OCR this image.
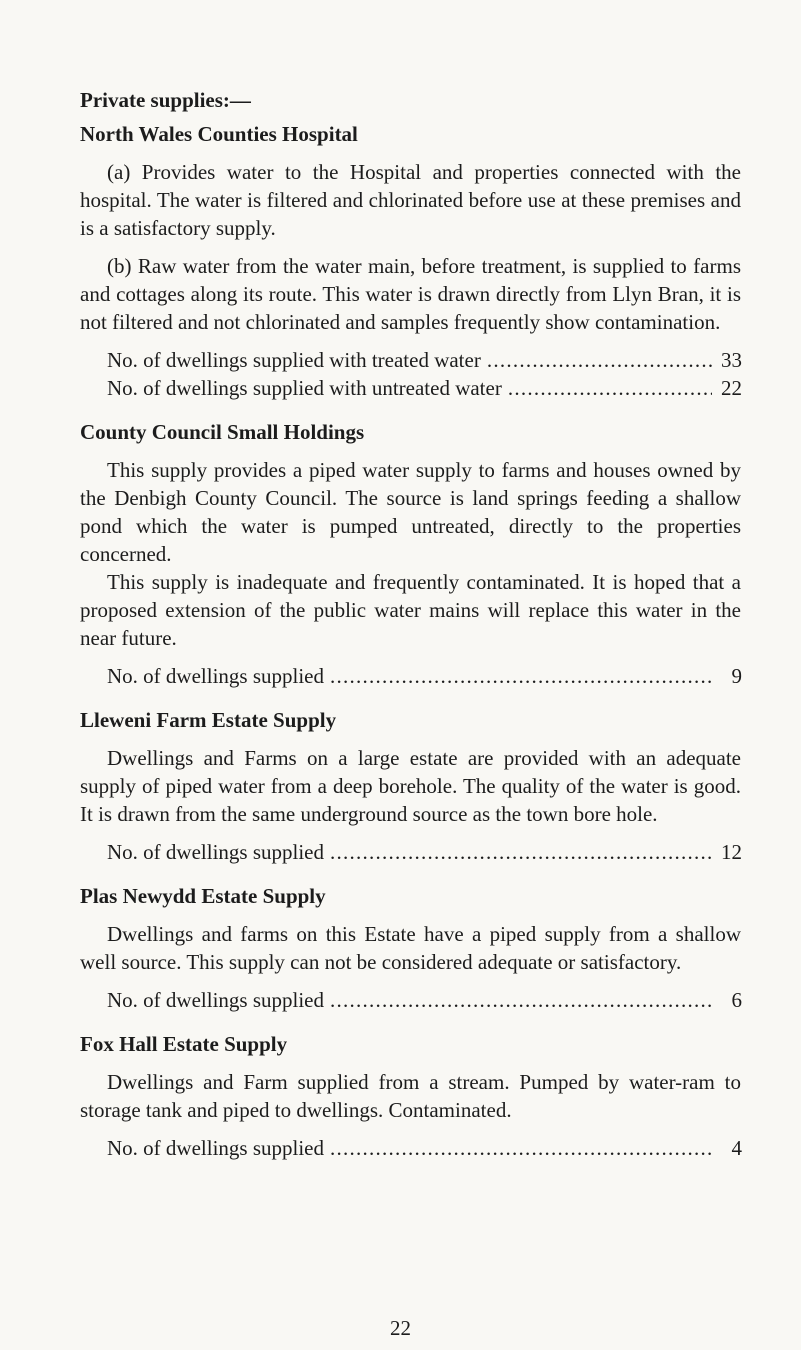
Private supplies:—
North Wales Counties Hospital

(a) Provides water to the Hospital and properties connected with the hospital. The water is filtered and chlorinated before use at these premises and is a satisfactory supply.

(b) Raw water from the water main, before treatment, is supplied to farms and cottages along its route. This water is drawn directly from Llyn Bran, it is not filtered and not chlorinated and samples frequently show contamination.

No. of dwellings supplied with treated water . . .	33
No. of dwellings supplied with untreated water . . .	22
County Council Small Holdings

This supply provides a piped water supply to farms and houses owned by the Denbigh County Council. The source is land springs feeding a shallow pond which the water is pumped untreated, directly to the properties concerned.

This supply is inadequate and frequently contaminated. It is hoped that a proposed extension of the public water mains will replace this water in the near future.

No. of dwellings supplied . . .	9
Lleweni Farm Estate Supply

Dwellings and Farms on a large estate are provided with an adequate supply of piped water from a deep borehole. The quality of the water is good. It is drawn from the same underground source as the town bore hole.

No. of dwellings supplied . . .	12
Plas Newydd Estate Supply

Dwellings and farms on this Estate have a piped supply from a shallow well source. This supply can not be considered adequate or satisfactory.

No. of dwellings supplied . . .	6
Fox Hall Estate Supply

Dwellings and Farm supplied from a stream. Pumped by water-ram to storage tank and piped to dwellings. Contaminated.

No. of dwellings supplied . . .	4
22
